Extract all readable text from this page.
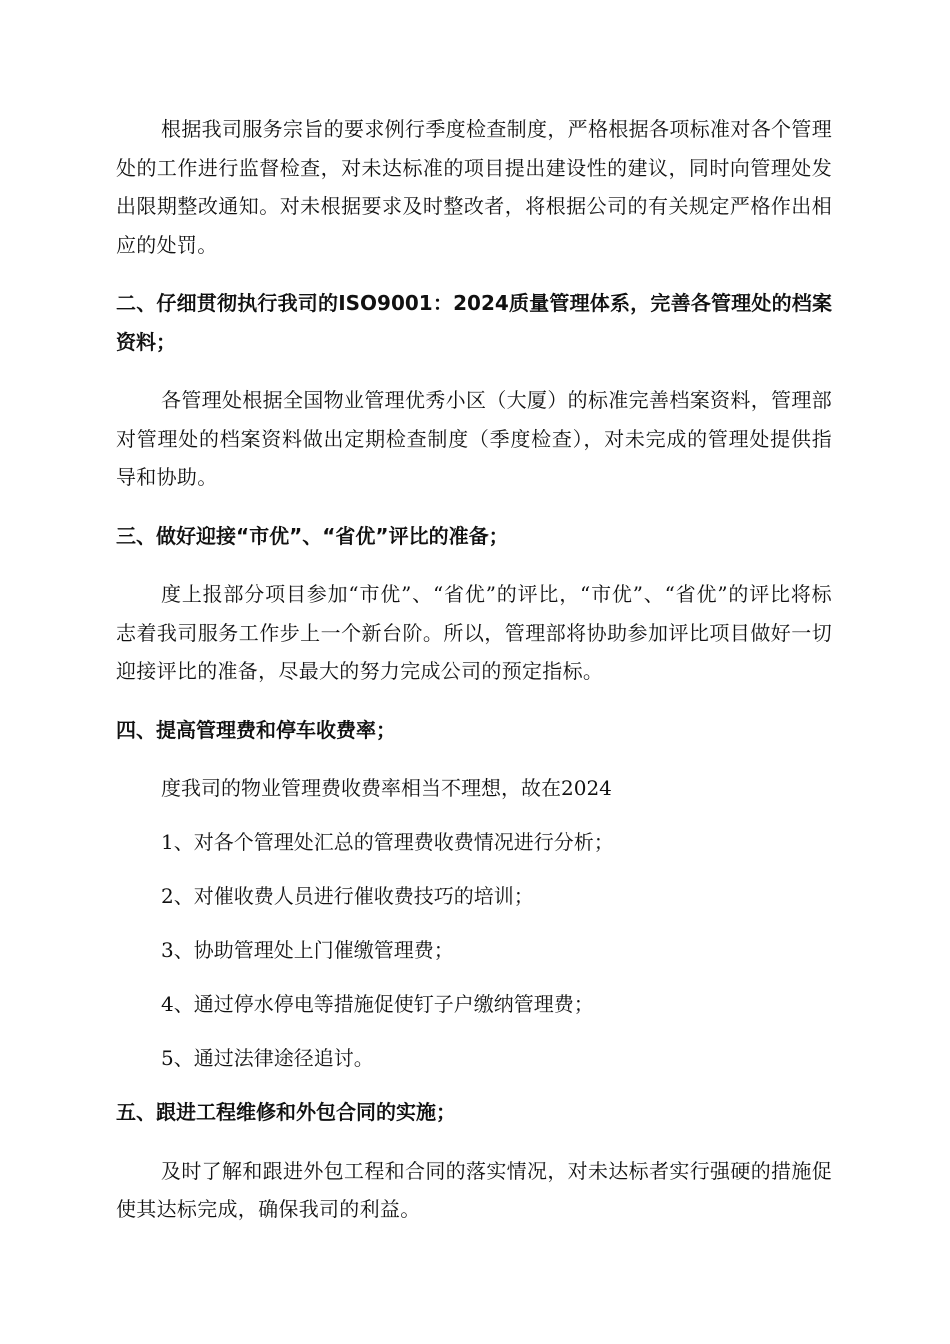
根据我司服务宗旨的要求例行季度检查制度，严格根据各项标准对各个管理处的工作进行监督检查，对未达标准的项目提出建设性的建议，同时向管理处发出限期整改通知。对未根据要求及时整改者，将根据公司的有关规定严格作出相应的处罚。

二、仔细贯彻执行我司的ISO9001：2024质量管理体系，完善各管理处的档案资料；

各管理处根据全国物业管理优秀小区（大厦）的标准完善档案资料，管理部对管理处的档案资料做出定期检查制度（季度检查），对未完成的管理处提供指导和协助。

三、做好迎接“市优”、“省优”评比的准备；

度上报部分项目参加“市优”、“省优”的评比，“市优”、“省优”的评比将标志着我司服务工作步上一个新台阶。所以，管理部将协助参加评比项目做好一切迎接评比的准备，尽最大的努力完成公司的预定指标。

四、提高管理费和停车收费率；
度我司的物业管理费收费率相当不理想，故在2024
1、对各个管理处汇总的管理费收费情况进行分析；
2、对催收费人员进行催收费技巧的培训；
3、协助管理处上门催缴管理费；
4、通过停水停电等措施促使钉子户缴纳管理费；
5、通过法律途径追讨。
五、跟进工程维修和外包合同的实施；

及时了解和跟进外包工程和合同的落实情况，对未达标者实行强硬的措施促使其达标完成，确保我司的利益。
